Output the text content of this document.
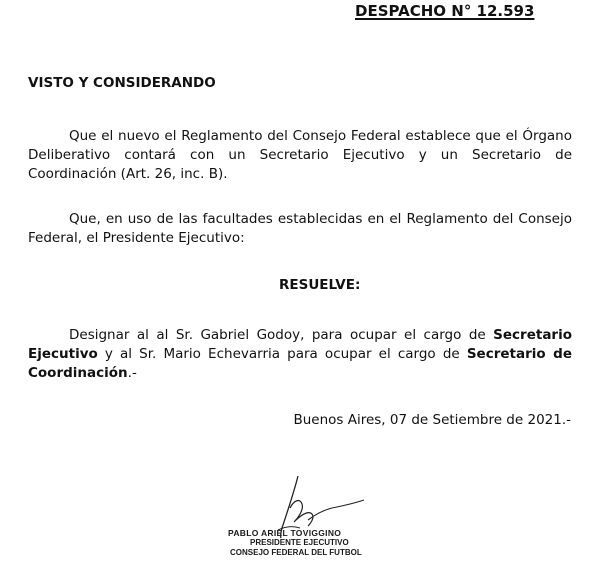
DESPACHO N° 12.593
VISTO Y CONSIDERANDO
Que el nuevo el Reglamento del Consejo Federal establece que el Órgano Deliberativo contará con un Secretario Ejecutivo y un Secretario de Coordinación (Art. 26, inc. B).
Que, en uso de las facultades establecidas en el Reglamento del Consejo Federal, el Presidente Ejecutivo:
RESUELVE:
Designar al al Sr. Gabriel Godoy, para ocupar el cargo de Secretario Ejecutivo y al Sr. Mario Echevarria para ocupar el cargo de Secretario de Coordinación.-
Buenos Aires, 07 de Setiembre de 2021.-
PABLO ARIEL TOVIGGINO
PRESIDENTE EJECUTIVO
CONSEJO FEDERAL DEL FUTBOL
